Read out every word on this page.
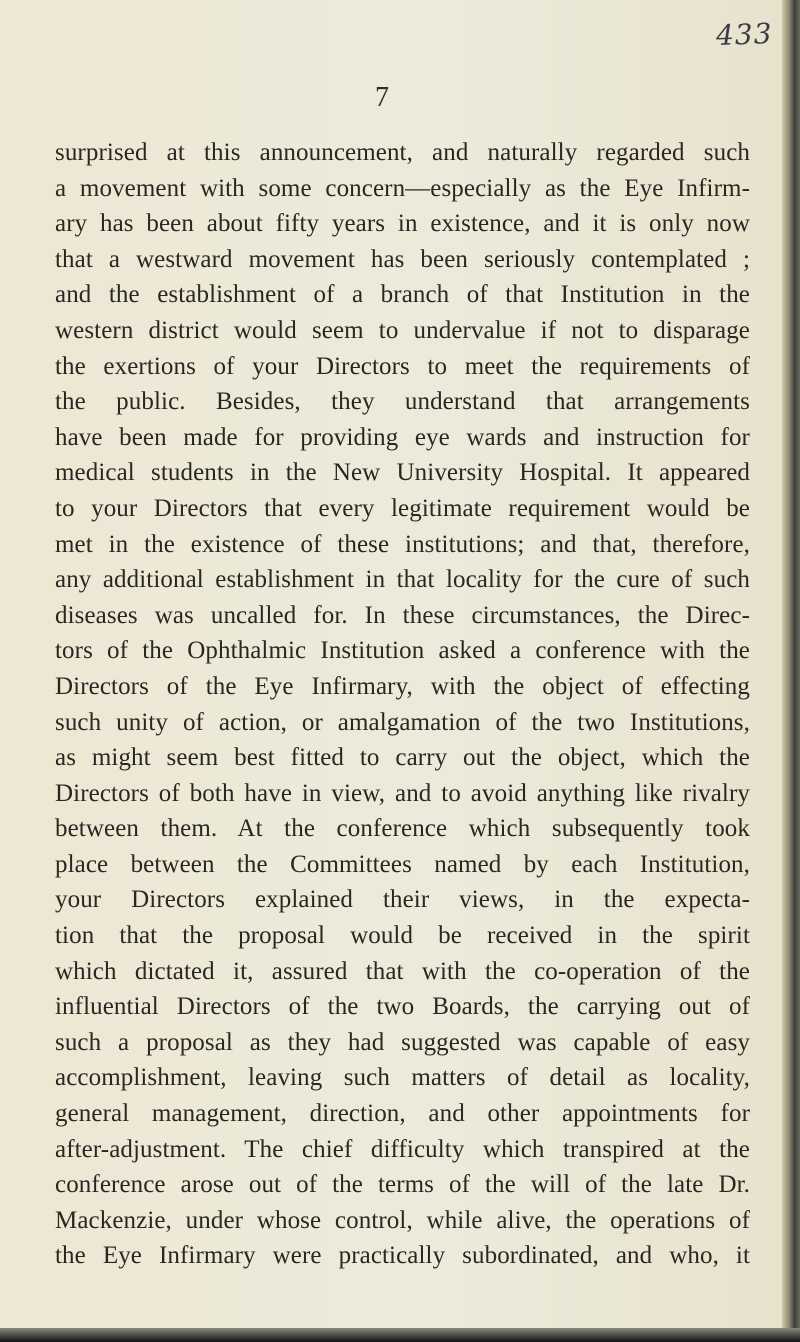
433
7
surprised at this announcement, and naturally regarded such
a movement with some concern—especially as the Eye Infirm-
ary has been about fifty years in existence, and it is only now
that a westward movement has been seriously contemplated ;
and the establishment of a branch of that Institution in the
western district would seem to undervalue if not to disparage
the exertions of your Directors to meet the requirements of
the public. Besides, they understand that arrangements
have been made for providing eye wards and instruction for
medical students in the New University Hospital. It appeared
to your Directors that every legitimate requirement would be
met in the existence of these institutions; and that, therefore,
any additional establishment in that locality for the cure of such
diseases was uncalled for. In these circumstances, the Direc-
tors of the Ophthalmic Institution asked a conference with the
Directors of the Eye Infirmary, with the object of effecting
such unity of action, or amalgamation of the two Institutions,
as might seem best fitted to carry out the object, which the
Directors of both have in view, and to avoid anything like rivalry
between them. At the conference which subsequently took
place between the Committees named by each Institution,
your Directors explained their views, in the expecta-
tion that the proposal would be received in the spirit
which dictated it, assured that with the co-operation of the
influential Directors of the two Boards, the carrying out of
such a proposal as they had suggested was capable of easy
accomplishment, leaving such matters of detail as locality,
general management, direction, and other appointments for
after-adjustment. The chief difficulty which transpired at the
conference arose out of the terms of the will of the late Dr.
Mackenzie, under whose control, while alive, the operations of
the Eye Infirmary were practically subordinated, and who, it
